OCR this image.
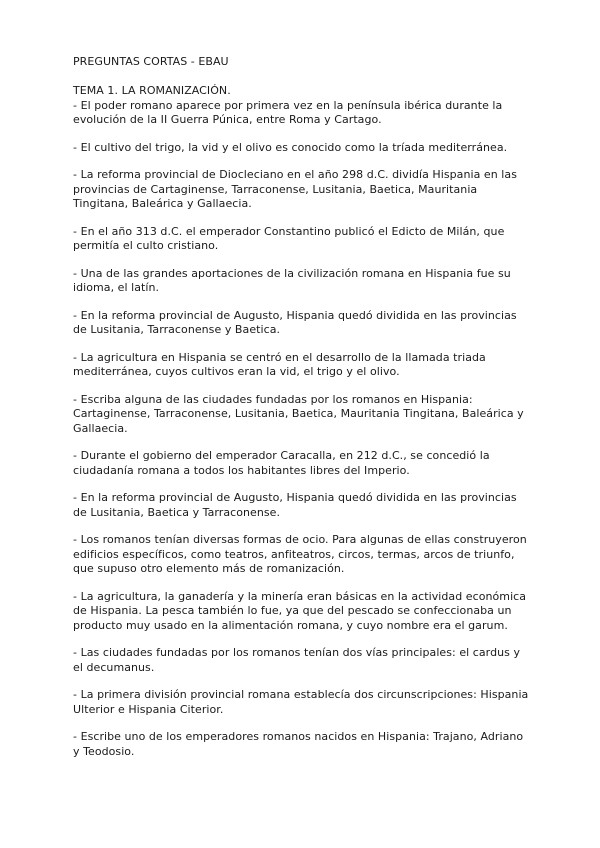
PREGUNTAS CORTAS - EBAU

TEMA 1. LA ROMANIZACIÓN.

- El poder romano aparece por primera vez en la península ibérica durante la evolución de la II Guerra Púnica, entre Roma y Cartago.

- El cultivo del trigo, la vid y el olivo es conocido como la tríada mediterránea.

- La reforma provincial de Diocleciano en el año 298 d.C. dividía Hispania en las provincias de Cartaginense, Tarraconense, Lusitania, Baetica, Mauritania Tingitana, Baleárica y Gallaecia.

- En el año 313 d.C. el emperador Constantino publicó el Edicto de Milán, que permitía el culto cristiano.

- Una de las grandes aportaciones de la civilización romana en Hispania fue su idioma, el latín.

- En la reforma provincial de Augusto, Hispania quedó dividida en las provincias de Lusitania, Tarraconense y Baetica.

- La agricultura en Hispania se centró en el desarrollo de la llamada triada mediterránea, cuyos cultivos eran la vid, el trigo y el olivo.

- Escriba alguna de las ciudades fundadas por los romanos en Hispania: Cartaginense, Tarraconense, Lusitania, Baetica, Mauritania Tingitana, Baleárica y Gallaecia.

- Durante el gobierno del emperador Caracalla, en 212 d.C., se concedió la ciudadanía romana a todos los habitantes libres del Imperio.

- En la reforma provincial de Augusto, Hispania quedó dividida en las provincias de Lusitania, Baetica y Tarraconense.

- Los romanos tenían diversas formas de ocio. Para algunas de ellas construyeron edificios específicos, como teatros, anfiteatros, circos, termas, arcos de triunfo, que supuso otro elemento más de romanización.

- La agricultura, la ganadería y la minería eran básicas en la actividad económica de Hispania. La pesca también lo fue, ya que del pescado se confeccionaba un producto muy usado en la alimentación romana, y cuyo nombre era el garum.

- Las ciudades fundadas por los romanos tenían dos vías principales: el cardus y el decumanus.

- La primera división provincial romana establecía dos circunscripciones: Hispania Ulterior e Hispania Citerior.

- Escribe uno de los emperadores romanos nacidos en Hispania: Trajano, Adriano y Teodosio.
